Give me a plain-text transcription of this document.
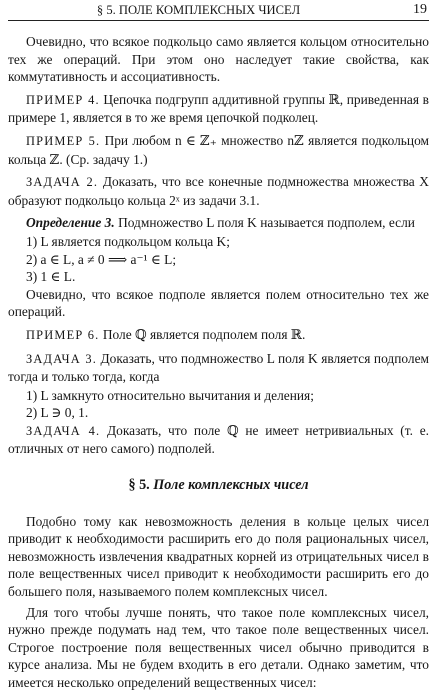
§ 5. ПОЛЕ КОМПЛЕКСНЫХ ЧИСЕЛ	19

Очевидно, что всякое подкольцо само является кольцом относительно тех же операций. При этом оно наследует такие свойства, как коммутативность и ассоциативность.

ПРИМЕР 4. Цепочка подгрупп аддитивной группы ℝ, приведенная в примере 1, является в то же время цепочкой подколец.

ПРИМЕР 5. При любом n ∈ ℤ₊ множество nℤ является подкольцом кольца ℤ. (Ср. задачу 1.)

ЗАДАЧА 2. Доказать, что все конечные подмножества множества X образуют подкольцо кольца 2ˣ из задачи 3.1.

Определение 3. Подмножество L поля K называется подполем, если

1) L является подкольцом кольца K;

2) a ∈ L, a ≠ 0 ⟹ a⁻¹ ∈ L;

3) 1 ∈ L.

Очевидно, что всякое подполе является полем относительно тех же операций.

ПРИМЕР 6. Поле ℚ является подполем поля ℝ.

ЗАДАЧА 3. Доказать, что подмножество L поля K является подполем тогда и только тогда, когда

1) L замкнуто относительно вычитания и деления;

2) L ∋ 0, 1.

ЗАДАЧА 4. Доказать, что поле ℚ не имеет нетривиальных (т. е. отличных от него самого) подполей.

§ 5. Поле комплексных чисел

Подобно тому как невозможность деления в кольце целых чисел приводит к необходимости расширить его до поля рациональных чисел, невозможность извлечения квадратных корней из отрицательных чисел в поле вещественных чисел приводит к необходимости расширить его до большего поля, называемого полем комплексных чисел.

Для того чтобы лучше понять, что такое поле комплексных чисел, нужно прежде подумать над тем, что такое поле вещественных чисел. Строгое построение поля вещественных чисел обычно приводится в курсе анализа. Мы не будем входить в его детали. Однако заметим, что имеется несколько определений вещественных чисел:
